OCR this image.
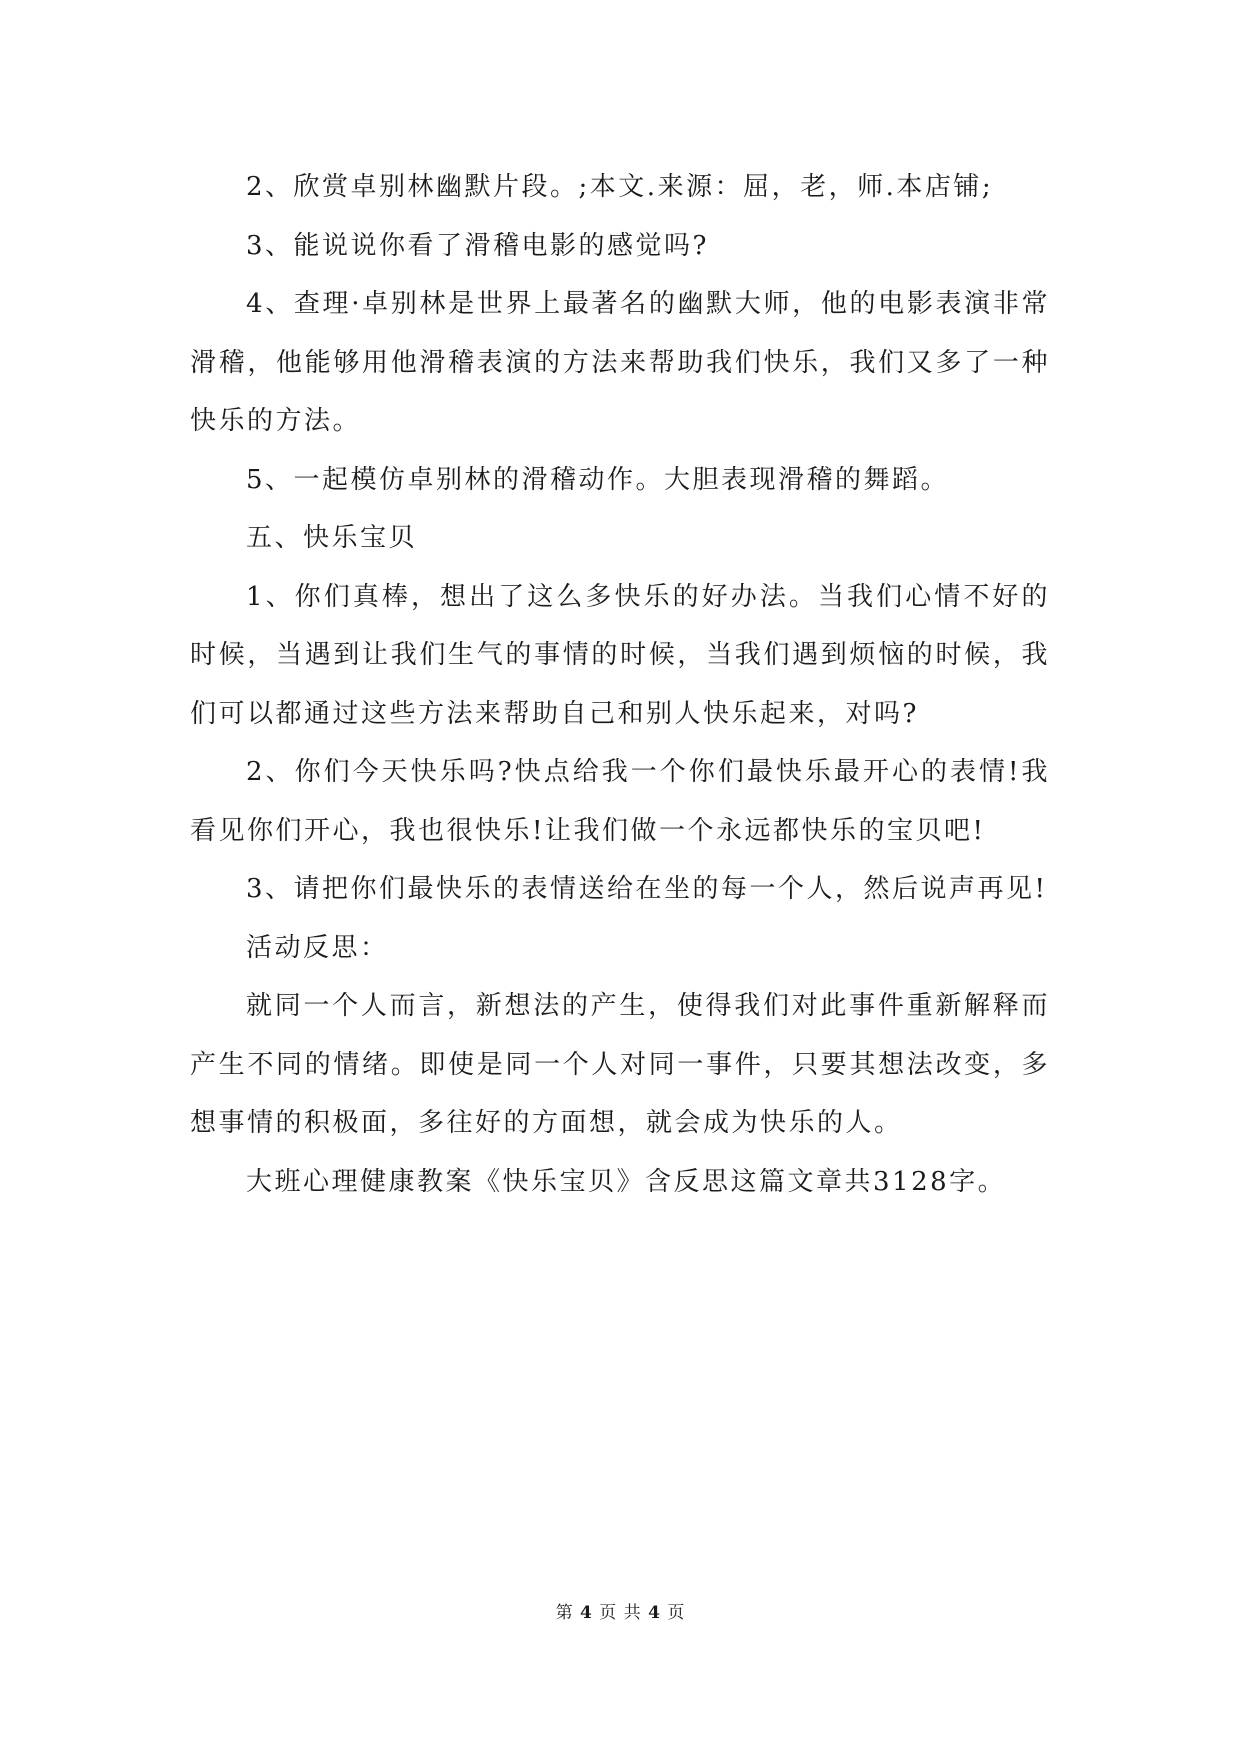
2、欣赏卓别林幽默片段。;本文.来源：屈，老，师.本店铺;

3、能说说你看了滑稽电影的感觉吗?

4、查理·卓别林是世界上最著名的幽默大师，他的电影表演非常滑稽，他能够用他滑稽表演的方法来帮助我们快乐，我们又多了一种快乐的方法。

5、一起模仿卓别林的滑稽动作。大胆表现滑稽的舞蹈。

五、快乐宝贝

1、你们真棒，想出了这么多快乐的好办法。当我们心情不好的时候，当遇到让我们生气的事情的时候，当我们遇到烦恼的时候，我们可以都通过这些方法来帮助自己和别人快乐起来，对吗?

2、你们今天快乐吗?快点给我一个你们最快乐最开心的表情!我看见你们开心，我也很快乐!让我们做一个永远都快乐的宝贝吧!

3、请把你们最快乐的表情送给在坐的每一个人，然后说声再见!

活动反思：

就同一个人而言，新想法的产生，使得我们对此事件重新解释而产生不同的情绪。即使是同一个人对同一事件，只要其想法改变，多想事情的积极面，多往好的方面想，就会成为快乐的人。

大班心理健康教案《快乐宝贝》含反思这篇文章共3128字。

第 4 页 共 4 页
